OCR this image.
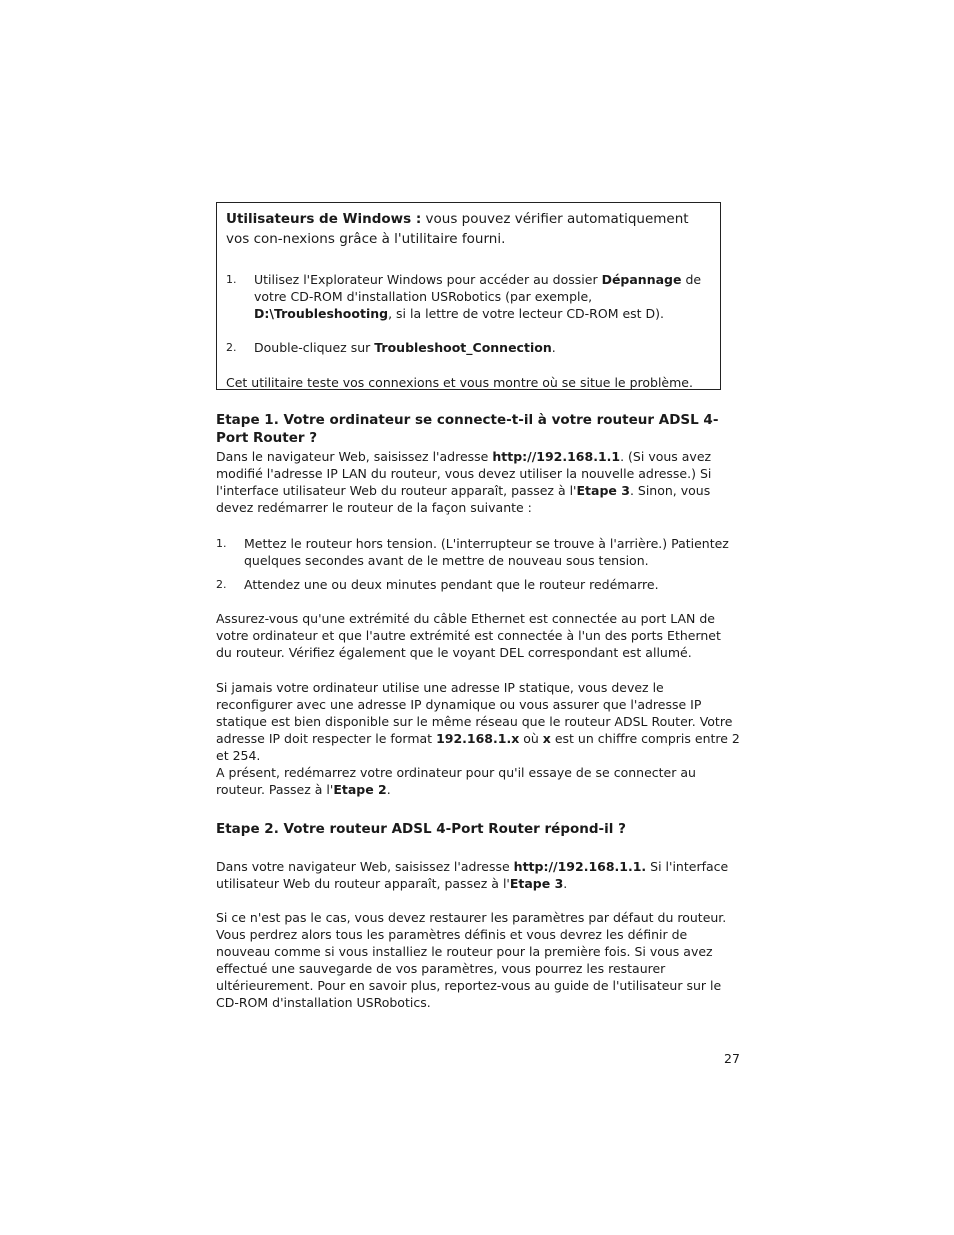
Utilisateurs de Windows : vous pouvez vérifier automatiquement vos con-nexions grâce à l'utilitaire fourni.

1. Utilisez l'Explorateur Windows pour accéder au dossier Dépannage de votre CD-ROM d'installation USRobotics (par exemple, D:\Troubleshooting, si la lettre de votre lecteur CD-ROM est D).
2. Double-cliquez sur Troubleshoot_Connection.

Cet utilitaire teste vos connexions et vous montre où se situe le problème.

Etape 1. Votre ordinateur se connecte-t-il à votre routeur ADSL 4-Port Router ?

Dans le navigateur Web, saisissez l'adresse http://192.168.1.1. (Si vous avez modifié l'adresse IP LAN du routeur, vous devez utiliser la nouvelle adresse.) Si l'interface utilisateur Web du routeur apparaît, passez à l'Etape 3. Sinon, vous devez redémarrer le routeur de la façon suivante :

1. Mettez le routeur hors tension. (L'interrupteur se trouve à l'arrière.) Patientez quelques secondes avant de le mettre de nouveau sous tension.
2. Attendez une ou deux minutes pendant que le routeur redémarre.

Assurez-vous qu'une extrémité du câble Ethernet est connectée au port LAN de votre ordinateur et que l'autre extrémité est connectée à l'un des ports Ethernet du routeur. Vérifiez également que le voyant DEL correspondant est allumé.

Si jamais votre ordinateur utilise une adresse IP statique, vous devez le reconfigurer avec une adresse IP dynamique ou vous assurer que l'adresse IP statique est bien disponible sur le même réseau que le routeur ADSL Router. Votre adresse IP doit respecter le format 192.168.1.x où x est un chiffre compris entre 2 et 254.

A présent, redémarrez votre ordinateur pour qu'il essaye de se connecter au routeur. Passez à l'Etape 2.

Etape 2. Votre routeur ADSL 4-Port Router répond-il ?

Dans votre navigateur Web, saisissez l'adresse http://192.168.1.1. Si l'interface utilisateur Web du routeur apparaît, passez à l'Etape 3.

Si ce n'est pas le cas, vous devez restaurer les paramètres par défaut du routeur. Vous perdrez alors tous les paramètres définis et vous devrez les définir de nouveau comme si vous installiez le routeur pour la première fois. Si vous avez effectué une sauvegarde de vos paramètres, vous pourrez les restaurer ultérieurement. Pour en savoir plus, reportez-vous au guide de l'utilisateur sur le CD-ROM d'installation USRobotics.

27
